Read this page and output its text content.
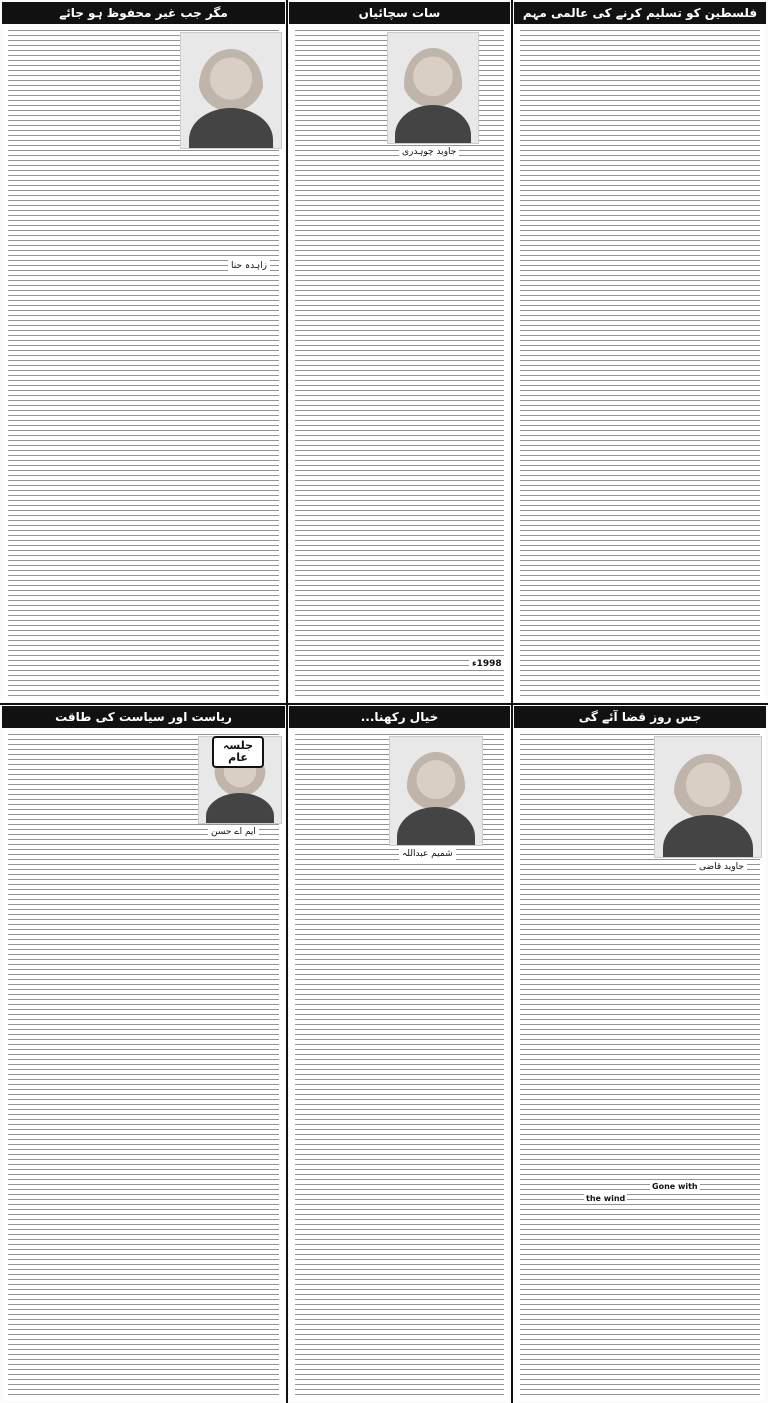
فلسطین کو تسلیم کرنے کی عالمی مہم
سات سچائیاں
جاوید چوہدری
1998ء
مگر جب غیر محفوظ ہو جائے
زاہدہ حنا
جس روز قضا آئے گی
جاوید قاضی
Gone with
the wind
خیال رکھنا...
شمیم عبداللہ
ریاست اور سیاست کی طاقت
جلسہ
عام
ایم اے حسن
